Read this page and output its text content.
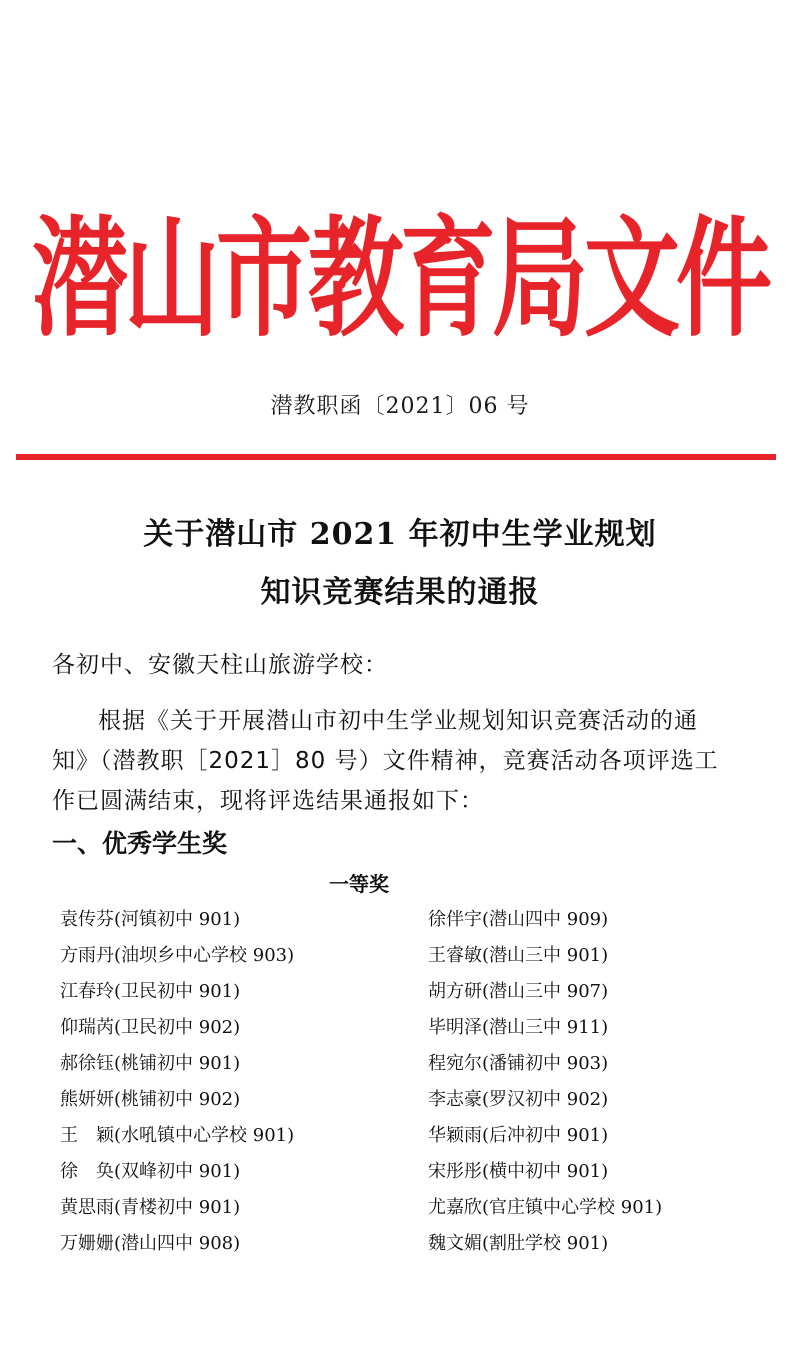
潜山市教育局文件
潜教职函〔2021〕06 号
关于潜山市 2021 年初中生学业规划
知识竞赛结果的通报
各初中、安徽天柱山旅游学校：
根据《关于开展潜山市初中生学业规划知识竞赛活动的通
知》（潜教职［2021］80 号）文件精神，竞赛活动各项评选工
作已圆满结束，现将评选结果通报如下：
一、优秀学生奖
一等奖
袁传芬(河镇初中 901)
方雨丹(油坝乡中心学校 903)
江春玲(卫民初中 901)
仰瑞芮(卫民初中 902)
郝徐钰(桃铺初中 901)
熊妍妍(桃铺初中 902)
王　颖(水吼镇中心学校 901)
徐　奂(双峰初中 901)
黄思雨(青楼初中 901)
万姗姗(潜山四中 908)
徐伴宇(潜山四中 909)
王睿敏(潜山三中 901)
胡方研(潜山三中 907)
毕明泽(潜山三中 911)
程宛尔(潘铺初中 903)
李志豪(罗汉初中 902)
华颖雨(后冲初中 901)
宋彤彤(横中初中 901)
尤嘉欣(官庄镇中心学校 901)
魏文媚(割肚学校 901)
